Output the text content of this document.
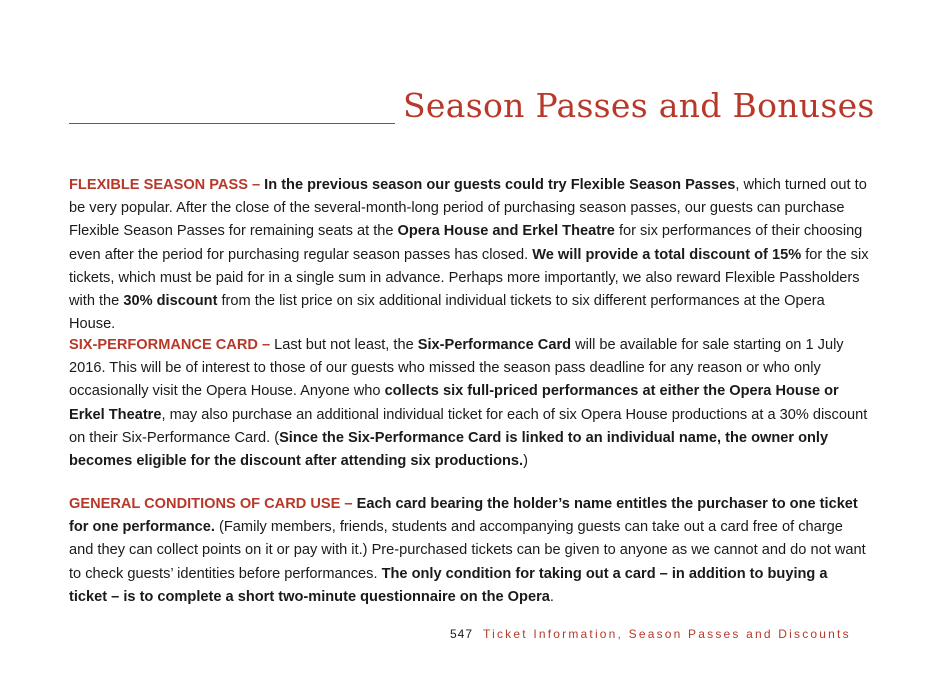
Season Passes and Bonuses

FLEXIBLE SEASON PASS – In the previous season our guests could try Flexible Season Passes, which turned out to be very popular. After the close of the several-month-long period of purchasing season passes, our guests can purchase Flexible Season Passes for remaining seats at the Opera House and Erkel Theatre for six performances of their choosing even after the period for purchasing regular season passes has closed. We will provide a total discount of 15% for the six tickets, which must be paid for in a single sum in advance. Perhaps more importantly, we also reward Flexible Passholders with the 30% discount from the list price on six additional individual tickets to six different performances at the Opera House.

SIX-PERFORMANCE CARD – Last but not least, the Six-Performance Card will be available for sale starting on 1 July 2016. This will be of interest to those of our guests who missed the season pass deadline for any reason or who only occasionally visit the Opera House. Anyone who collects six full-priced performances at either the Opera House or Erkel Theatre, may also purchase an additional individual ticket for each of six Opera House productions at a 30% discount on their Six-Performance Card. (Since the Six-Performance Card is linked to an individual name, the owner only becomes eligible for the discount after attending six productions.)

GENERAL CONDITIONS OF CARD USE – Each card bearing the holder’s name entitles the purchaser to one ticket for one performance. (Family members, friends, students and accompanying guests can take out a card free of charge and they can collect points on it or pay with it.) Pre-purchased tickets can be given to anyone as we cannot and do not want to check guests’ identities before performances. The only condition for taking out a card – in addition to buying a ticket – is to complete a short two-minute questionnaire on the Opera.

547 Ticket Information, Season Passes and Discounts
